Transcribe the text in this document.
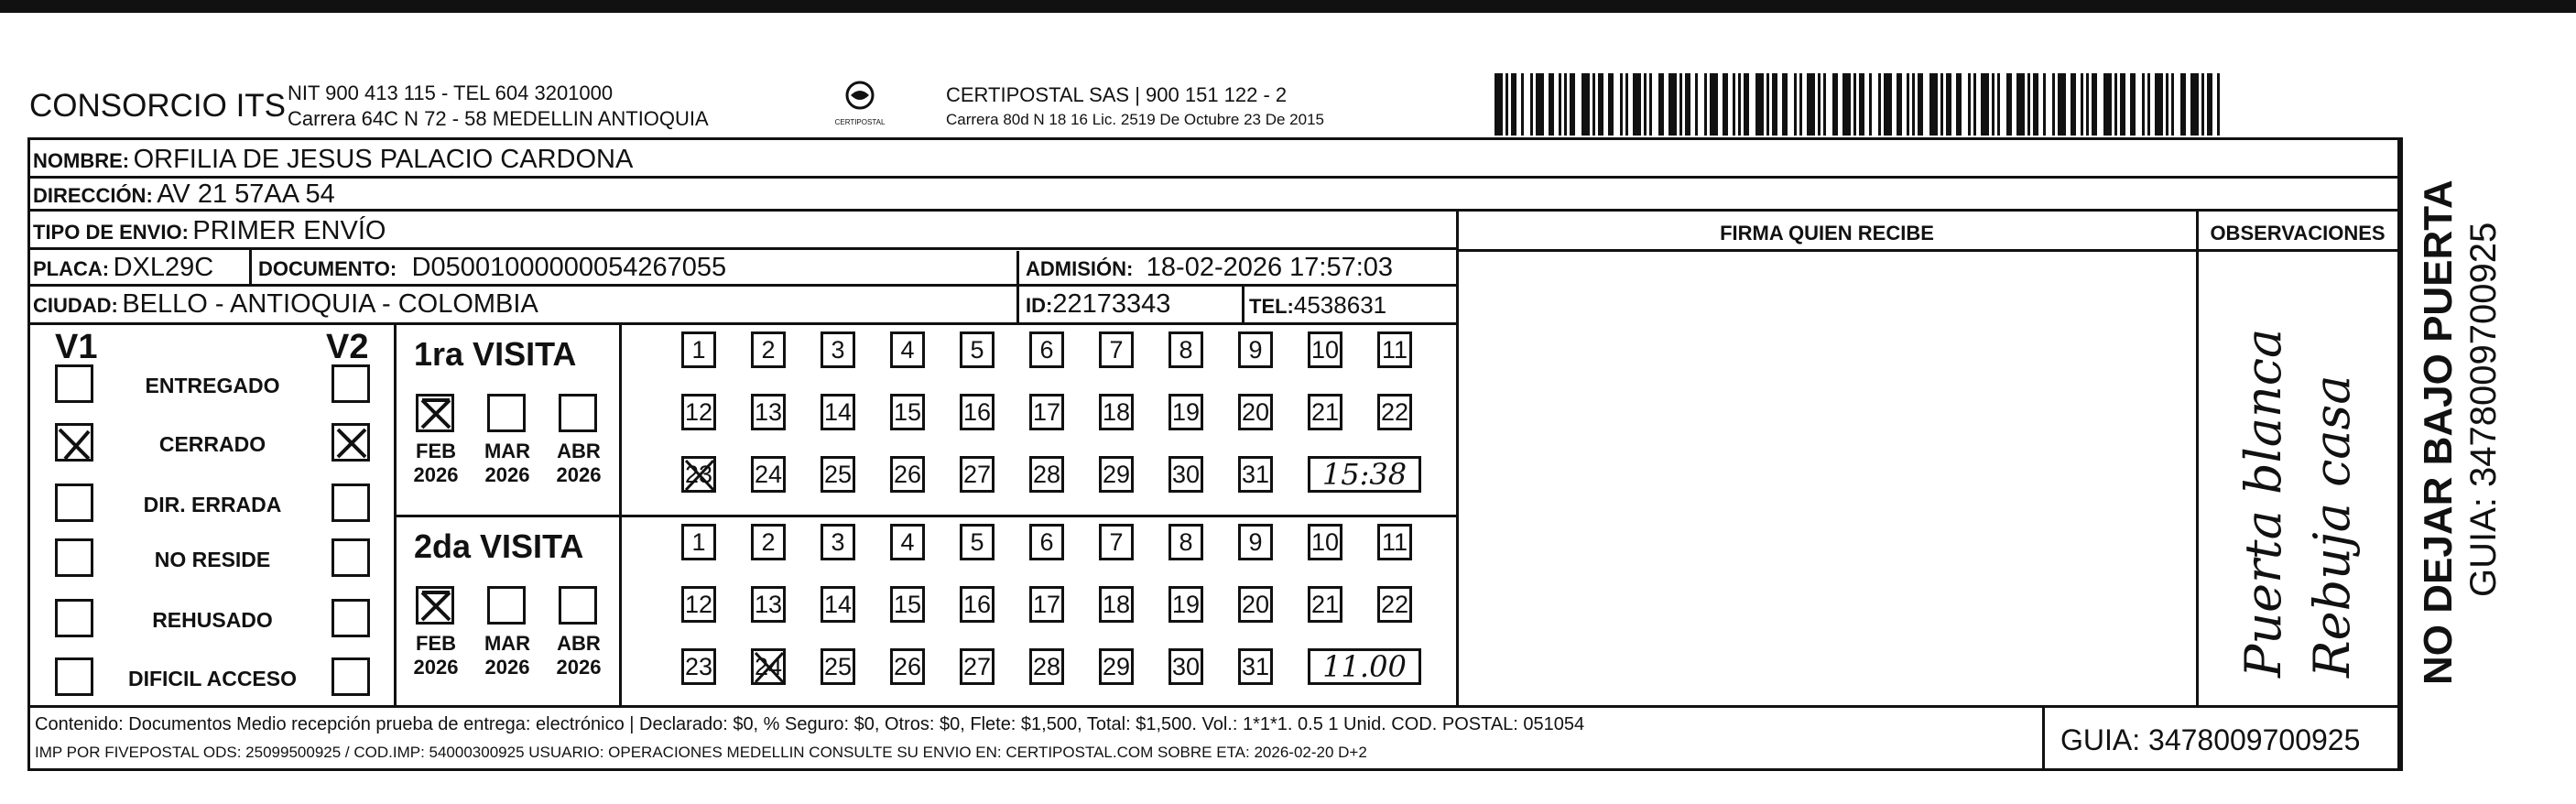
CONSORCIO ITS NIT 900 413 115 - TEL 604 3201000
Carrera 64C N 72 - 58 MEDELLIN ANTIOQUIA	CERTIPOSTAL
CERTIPOSTAL SAS | 900 151 122 - 2
Carrera 80d N 18 16 Lic. 2519 De Octubre 23 De 2015
NOMBRE: ORFILIA DE JESUS PALACIO CARDONA
DIRECCIÓN: AV 21 57AA 54
TIPO DE ENVIO: PRIMER ENVÍO
PLACA: DXL29C DOCUMENTO: D05001000000054267055	ADMISIÓN: 18-02-2026 17:57:03
CIUDAD: BELLO - ANTIOQUIA - COLOMBIA	ID:22173343	TEL:4538631
FIRMA QUIEN RECIBE	OBSERVACIONES
Puerta blanca Rebuja casa
V1	V2
ENTREGADO
CERRADO
DIR. ERRADA
NO RESIDE
REHUSADO
DIFICIL ACCESO
1ra VISITA
2da VISITA
FEB
2026
MAR
2026
ABR
2026
1 2 3 4 5 6 7 8 9 10 11
12 13 14 15 16 17 18 19 20 21 22
23 24 25 26 27 28 29 30 31	15:38
FEB
2026
MAR
2026
ABR
2026
1 2 3 4 5 6 7 8 9 10 11
12 13 14 15 16 17 18 19 20 21 22
23 24 25 26 27 28 29 30 31	11.00
Contenido: Documentos Medio recepción prueba de entrega: electrónico | Declarado: $0, % Seguro: $0, Otros: $0, Flete: $1,500, Total: $1,500. Vol.: 1*1*1. 0.5 1 Unid. COD. POSTAL: 051054
IMP POR FIVEPOSTAL ODS: 25099500925 / COD.IMP: 54000300925 USUARIO: OPERACIONES MEDELLIN CONSULTE SU ENVIO EN: CERTIPOSTAL.COM SOBRE ETA: 2026-02-20 D+2	GUIA: 3478009700925
NO DEJAR BAJO PUERTA GUIA: 3478009700925
